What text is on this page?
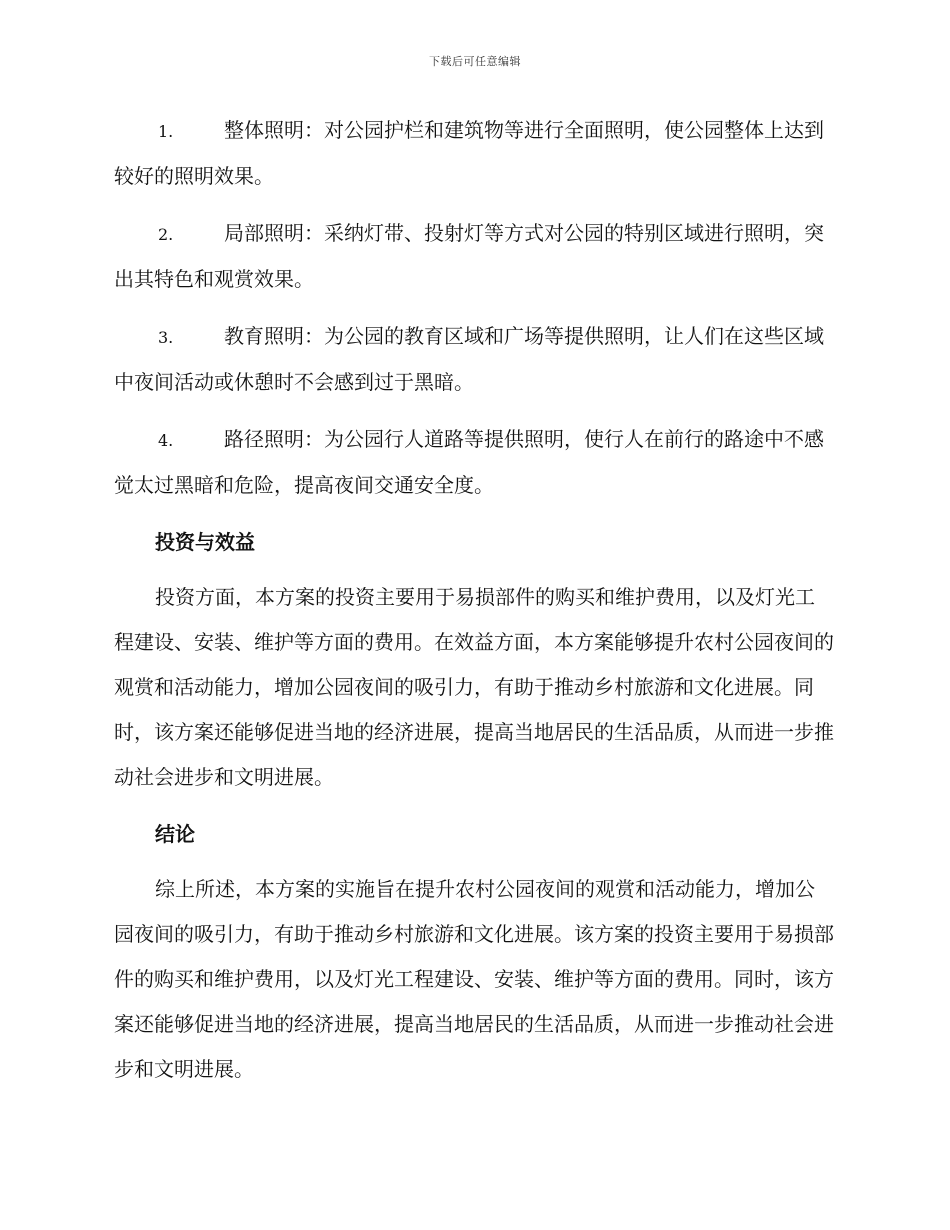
下载后可任意编辑
1.	整体照明：对公园护栏和建筑物等进行全面照明，使公园整体上达到较好的照明效果。
2.	局部照明：采纳灯带、投射灯等方式对公园的特别区域进行照明，突出其特色和观赏效果。
3.	教育照明：为公园的教育区域和广场等提供照明，让人们在这些区域中夜间活动或休憩时不会感到过于黑暗。
4.	路径照明：为公园行人道路等提供照明，使行人在前行的路途中不感觉太过黑暗和危险，提高夜间交通安全度。
投资与效益

投资方面，本方案的投资主要用于易损部件的购买和维护费用，以及灯光工程建设、安装、维护等方面的费用。在效益方面，本方案能够提升农村公园夜间的观赏和活动能力，增加公园夜间的吸引力，有助于推动乡村旅游和文化进展。同时，该方案还能够促进当地的经济进展，提高当地居民的生活品质，从而进一步推动社会进步和文明进展。

结论

综上所述，本方案的实施旨在提升农村公园夜间的观赏和活动能力，增加公园夜间的吸引力，有助于推动乡村旅游和文化进展。该方案的投资主要用于易损部件的购买和维护费用，以及灯光工程建设、安装、维护等方面的费用。同时，该方案还能够促进当地的经济进展，提高当地居民的生活品质，从而进一步推动社会进步和文明进展。
